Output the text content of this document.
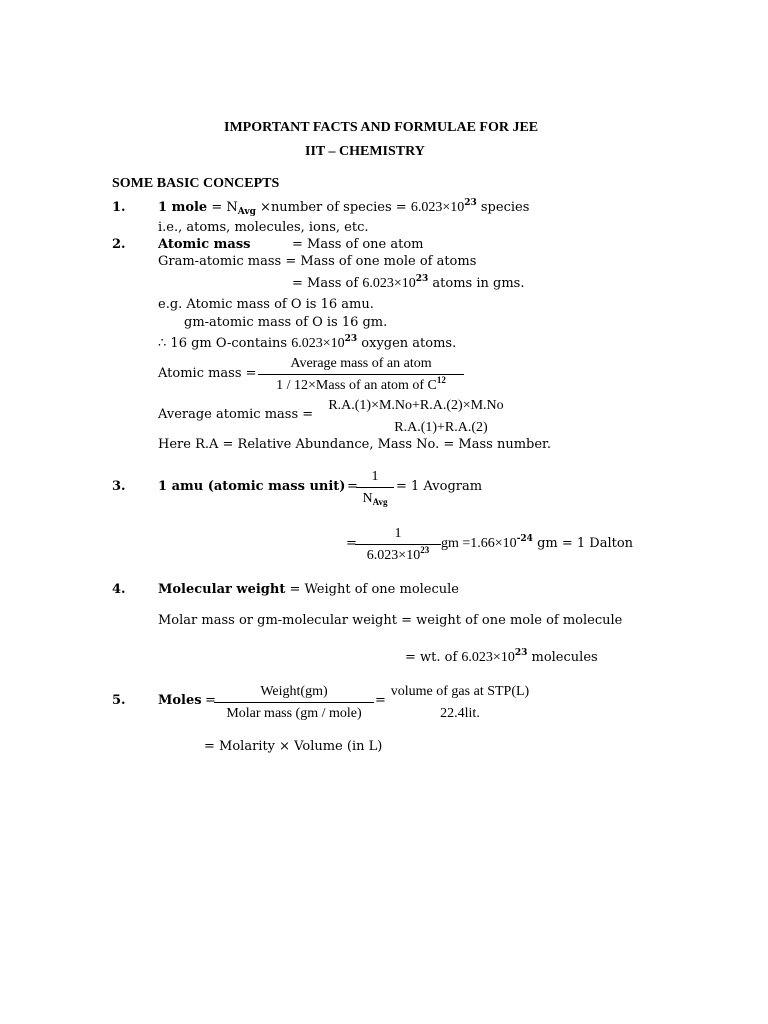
IMPORTANT FACTS AND FORMULAE FOR JEE
IIT – CHEMISTRY
SOME BASIC CONCEPTS
1. 1 mole = $N_{Avg}$ ×number of species = $6.023\times 10^{23}$ species
i.e., atoms, molecules, ions, etc.
2. Atomic mass	= Mass of one atom
Gram-atomic mass = Mass of one mole of atoms
= Mass of $6.023\times 10^{23}$ atoms in gms.
e.g. Atomic mass of O is 16 amu.
gm-atomic mass of O is 16 gm.
∴ 16 gm O-contains $6.023\times 10^{23}$ oxygen atoms.
Atomic mass =
Average mass of an atom
1 / 12×Mass of an atom of $C^{12}$
Average atomic mass =
R.A.(1)×M.No+R.A.(2)×M.No
R.A.(1)+R.A.(2)
Here R.A = Relative Abundance, Mass No. = Mass number.
3. 1 amu (atomic mass unit) =
1
$N_{Avg}$
= 1 Avogram
=
1
$6.023\times 10^{23}$ gm $=1.66\times 10^{-24}$ gm = 1 Dalton
4. Molecular weight = Weight of one molecule
Molar mass or gm-molecular weight = weight of one mole of molecule
= wt. of $6.023\times 10^{23}$ molecules
5. Moles =
Weight(gm)
Molar mass (gm / mole)
=
volume of gas at STP(L)
22.4lit.
= Molarity × Volume (in L)
